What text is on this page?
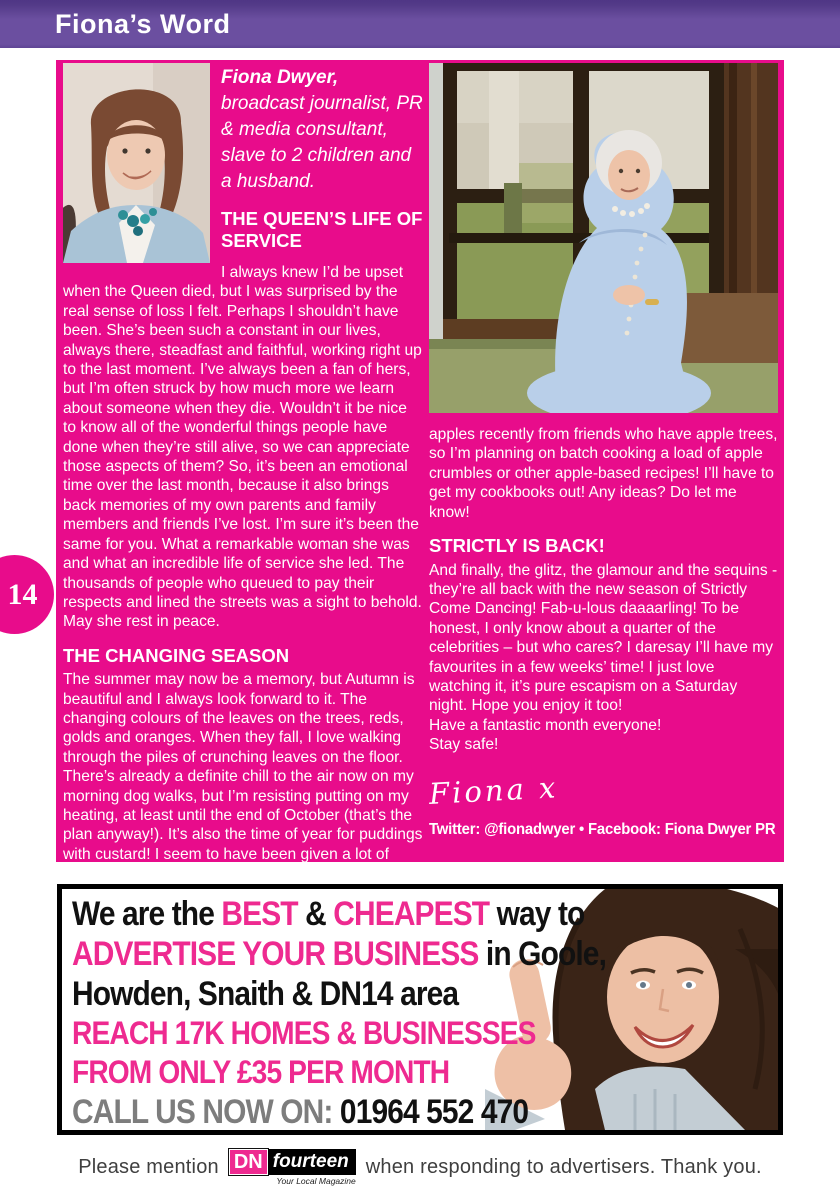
Fiona’s Word
14
Fiona Dwyer, broadcast journalist, PR & media consultant, slave to 2 children and a husband.
THE QUEEN’S LIFE OF SERVICE
I always knew I’d be upset when the Queen died, but I was surprised by the real sense of loss I felt. Perhaps I shouldn’t have been. She’s been such a constant in our lives, always there, steadfast and faithful, working right up to the last moment. I’ve always been a fan of hers, but I’m often struck by how much more we learn about someone when they die. Wouldn’t it be nice to know all of the wonderful things people have done when they’re still alive, so we can appreciate those aspects of them? So, it’s been an emotional time over the last month, because it also brings back memories of my own parents and family members and friends I’ve lost. I’m sure it’s been the same for you. What a remarkable woman she was and what an incredible life of service she led. The thousands of people who queued to pay their respects and lined the streets was a sight to behold. May she rest in peace.
THE CHANGING SEASON
The summer may now be a memory, but Autumn is beautiful and I always look forward to it. The changing colours of the leaves on the trees, reds, golds and oranges. When they fall, I love walking through the piles of crunching leaves on the floor. There’s already a definite chill to the air now on my morning dog walks, but I’m resisting putting on my heating, at least until the end of October (that’s the plan anyway!). It’s also the time of year for puddings with custard! I seem to have been given a lot of
apples recently from friends who have apple trees, so I’m planning on batch cooking a load of apple crumbles or other apple-based recipes! I’ll have to get my cookbooks out! Any ideas? Do let me know!
STRICTLY IS BACK!
And finally, the glitz, the glamour and the sequins - they’re all back with the new season of Strictly Come Dancing! Fab-u-lous daaaarling! To be honest, I only know about a quarter of the celebrities – but who cares? I daresay I’ll have my favourites in a few weeks’ time! I just love watching it, it’s pure escapism on a Saturday night. Hope you enjoy it too!
Have a fantastic month everyone!
Stay safe!
Fiona x
Twitter: @fionadwyer • Facebook: Fiona Dwyer PR
We are the BEST & CHEAPEST way to
ADVERTISE YOUR BUSINESS in Goole,
Howden, Snaith & DN14 area
REACH 17K HOMES & BUSINESSES
FROM ONLY £35 PER MONTH
CALL US NOW ON: 01964 552 470
Please mention DN fourteen
Your Local Magazine
when responding to advertisers. Thank you.
